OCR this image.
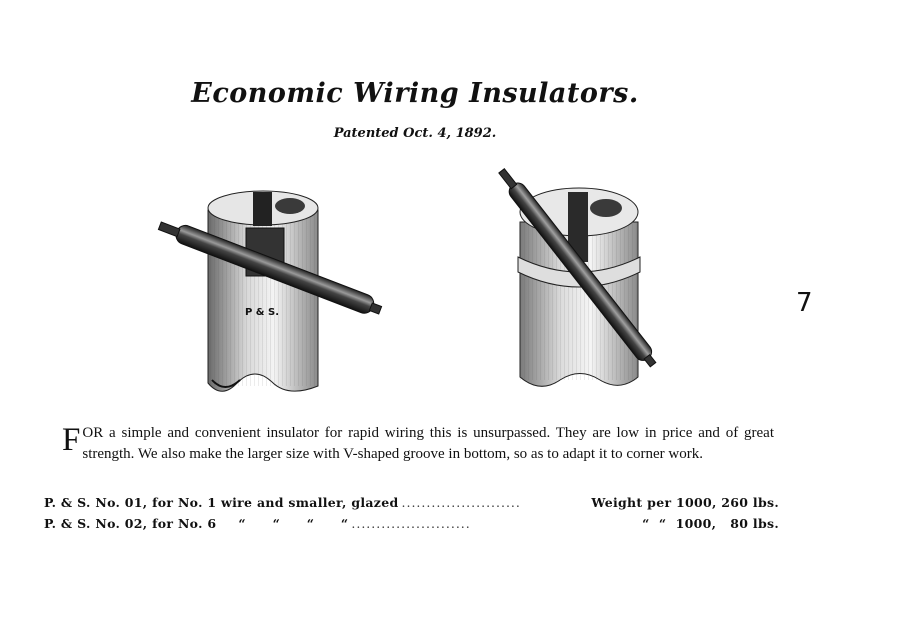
Economic Wiring Insulators.
Patented Oct. 4, 1892.
P & S.	7

FOR a simple and convenient insulator for rapid wiring this is unsurpassed. They are low in price and of great strength. We also make the larger size with V-shaped groove in bottom, so as to adapt it to corner work.

P. & S. No. 01, for No. 1 wire and smaller, glazed ........................	Weight per 1000, 260 lbs.
P. & S. No. 02, for No. 6	“ “ “ “ ........................	“  “  1000,   80 lbs.
